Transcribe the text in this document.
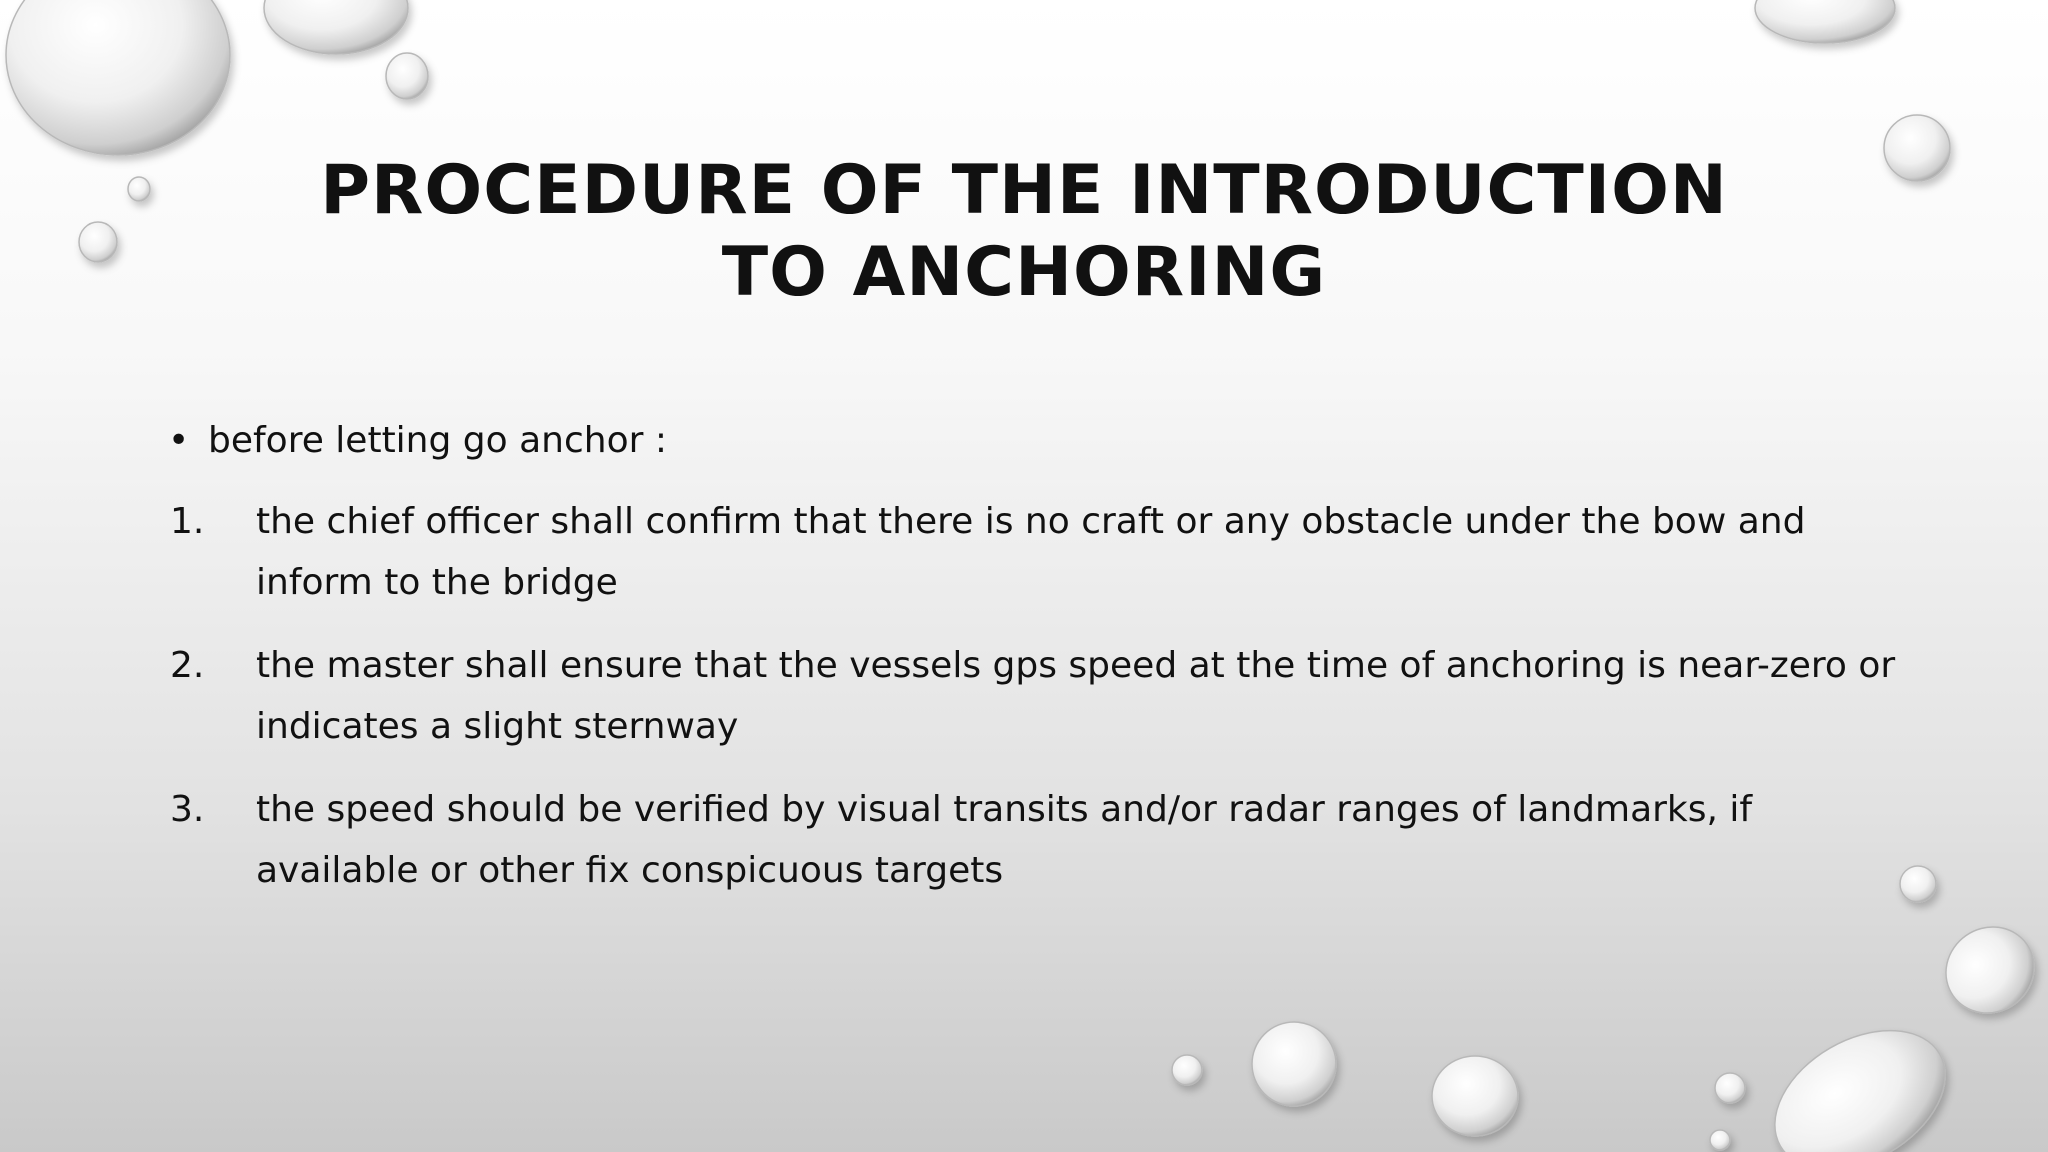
PROCEDURE OF THE INTRODUCTION TO ANCHORING
• before letting go anchor :
1. the chief officer shall confirm that there is no craft or any obstacle under the bow and inform to the bridge
2. the master shall ensure that the vessels gps speed at the time of anchoring is near-zero or indicates a slight sternway
3. the speed should be verified by visual transits and/or radar ranges of landmarks, if available or other fix conspicuous targets
